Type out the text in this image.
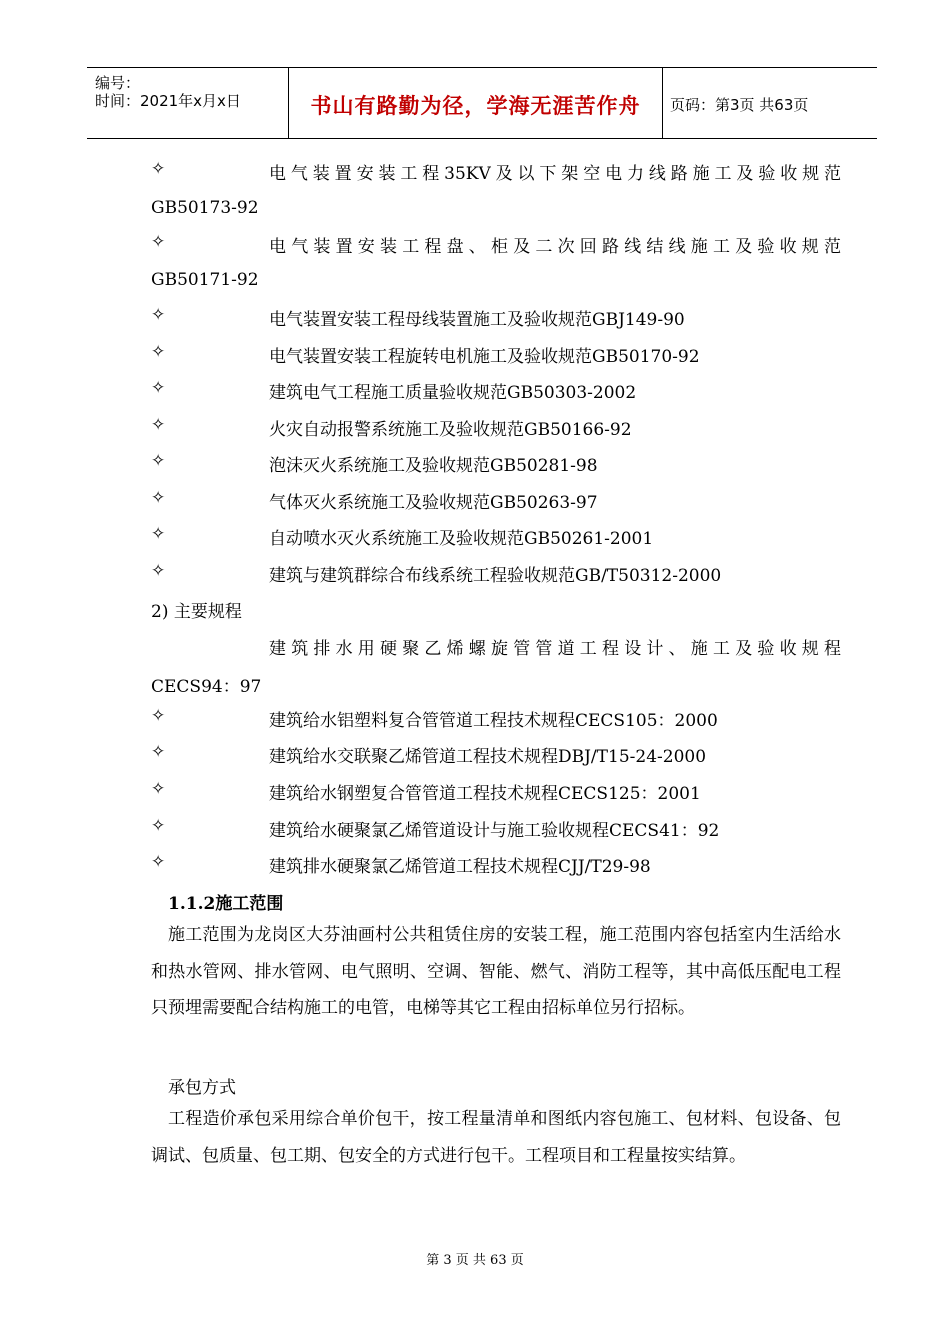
编号：
时间：2021年x月x日	书山有路勤为径，学海无涯苦作舟	页码：第3页 共63页
✧	电气装置安装工程35KV及以下架空电力线路施工及验收规范
GB50173-92
✧	电气装置安装工程盘、柜及二次回路线结线施工及验收规范
GB50171-92
✧	电气装置安装工程母线装置施工及验收规范GBJ149-90
✧	电气装置安装工程旋转电机施工及验收规范GB50170-92
✧	建筑电气工程施工质量验收规范GB50303-2002
✧	火灾自动报警系统施工及验收规范GB50166-92
✧	泡沫灭火系统施工及验收规范GB50281-98
✧	气体灭火系统施工及验收规范GB50263-97
✧	自动喷水灭火系统施工及验收规范GB50261-2001
✧	建筑与建筑群综合布线系统工程验收规范GB/T50312-2000
2) 主要规程
建筑排水用硬聚乙烯螺旋管管道工程设计、施工及验收规程
CECS94：97
✧	建筑给水铝塑料复合管管道工程技术规程CECS105：2000
✧	建筑给水交联聚乙烯管道工程技术规程DBJ/T15-24-2000
✧	建筑给水钢塑复合管管道工程技术规程CECS125：2001
✧	建筑给水硬聚氯乙烯管道设计与施工验收规程CECS41：92
✧	建筑排水硬聚氯乙烯管道工程技术规程CJJ/T29-98
1.1.2施工范围
施工范围为龙岗区大芬油画村公共租赁住房的安装工程，施工范围内容包括室内生活给水和热水管网、排水管网、电气照明、空调、智能、燃气、消防工程等，其中高低压配电工程只预埋需要配合结构施工的电管，电梯等其它工程由招标单位另行招标。
承包方式
工程造价承包采用综合单价包干，按工程量清单和图纸内容包施工、包材料、包设备、包调试、包质量、包工期、包安全的方式进行包干。工程项目和工程量按实结算。
第 3 页 共 63 页
